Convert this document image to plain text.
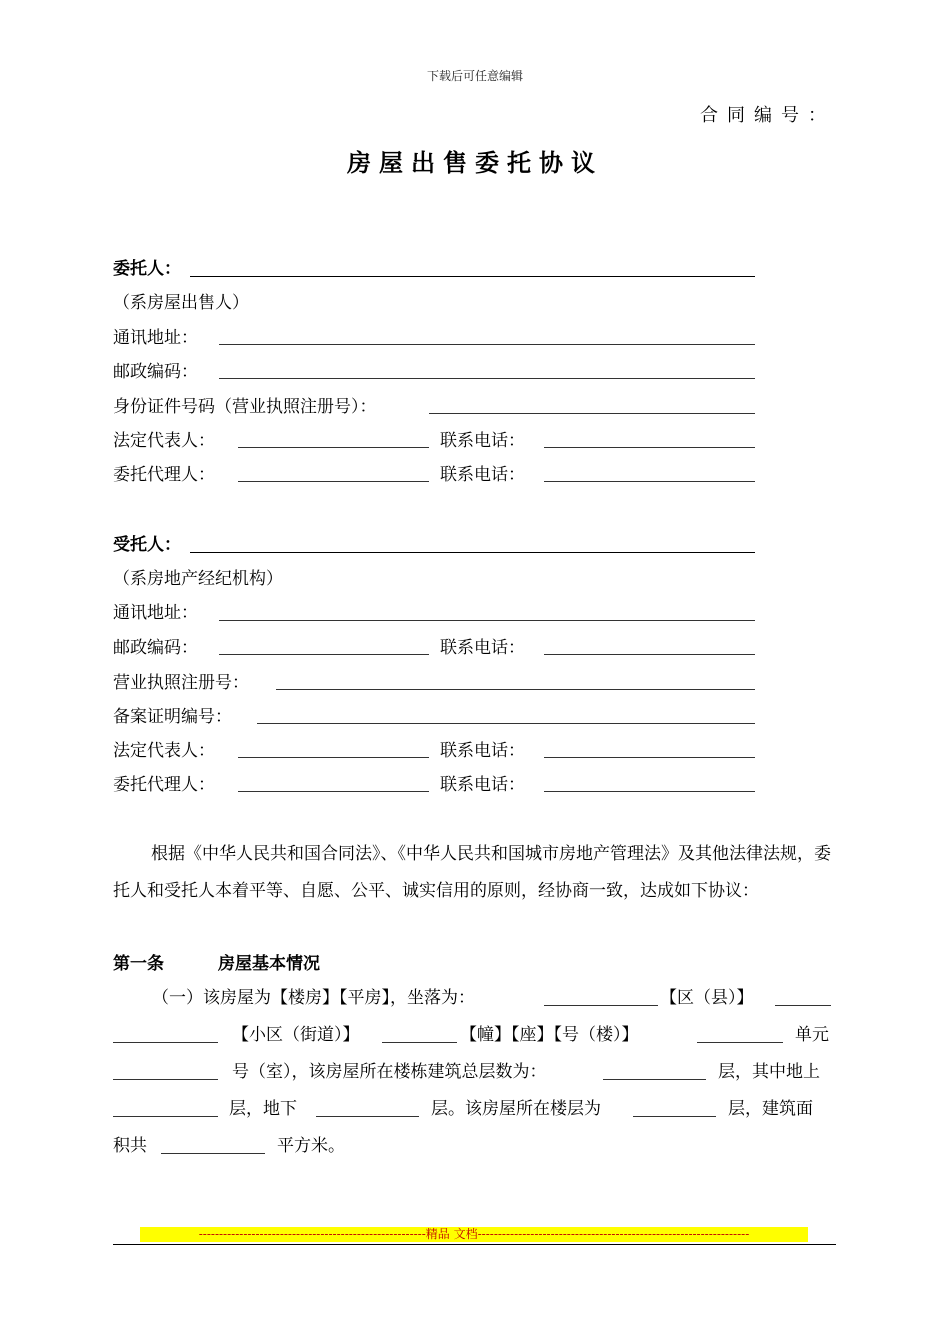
下载后可任意编辑
合同编号：
房屋出售委托协议
委托人：
（系房屋出售人）
通讯地址：
邮政编码：
身份证件号码（营业执照注册号）：
法定代表人：	联系电话：
委托代理人：	联系电话：
受托人：
（系房地产经纪机构）
通讯地址：
邮政编码：	联系电话：
营业执照注册号：
备案证明编号：
法定代表人：	联系电话：
委托代理人：	联系电话：
根据《中华人民共和国合同法》、《中华人民共和国城市房地产管理法》及其他法律法规，委托人和受托人本着平等、自愿、公平、诚实信用的原则，经协商一致，达成如下协议：
第一条	房屋基本情况
（一）该房屋为【楼房】【平房】，坐落为：	【区（县）】
【小区（街道）】	【幢】【座】【号（楼）】	单元
号（室），该房屋所在楼栋建筑总层数为：	层，其中地上
层，地下	层。该房屋所在楼层为	层，建筑面
积共	平方米。
--------------------------------------------------------精品 文档-------------------------------------------------------------------
